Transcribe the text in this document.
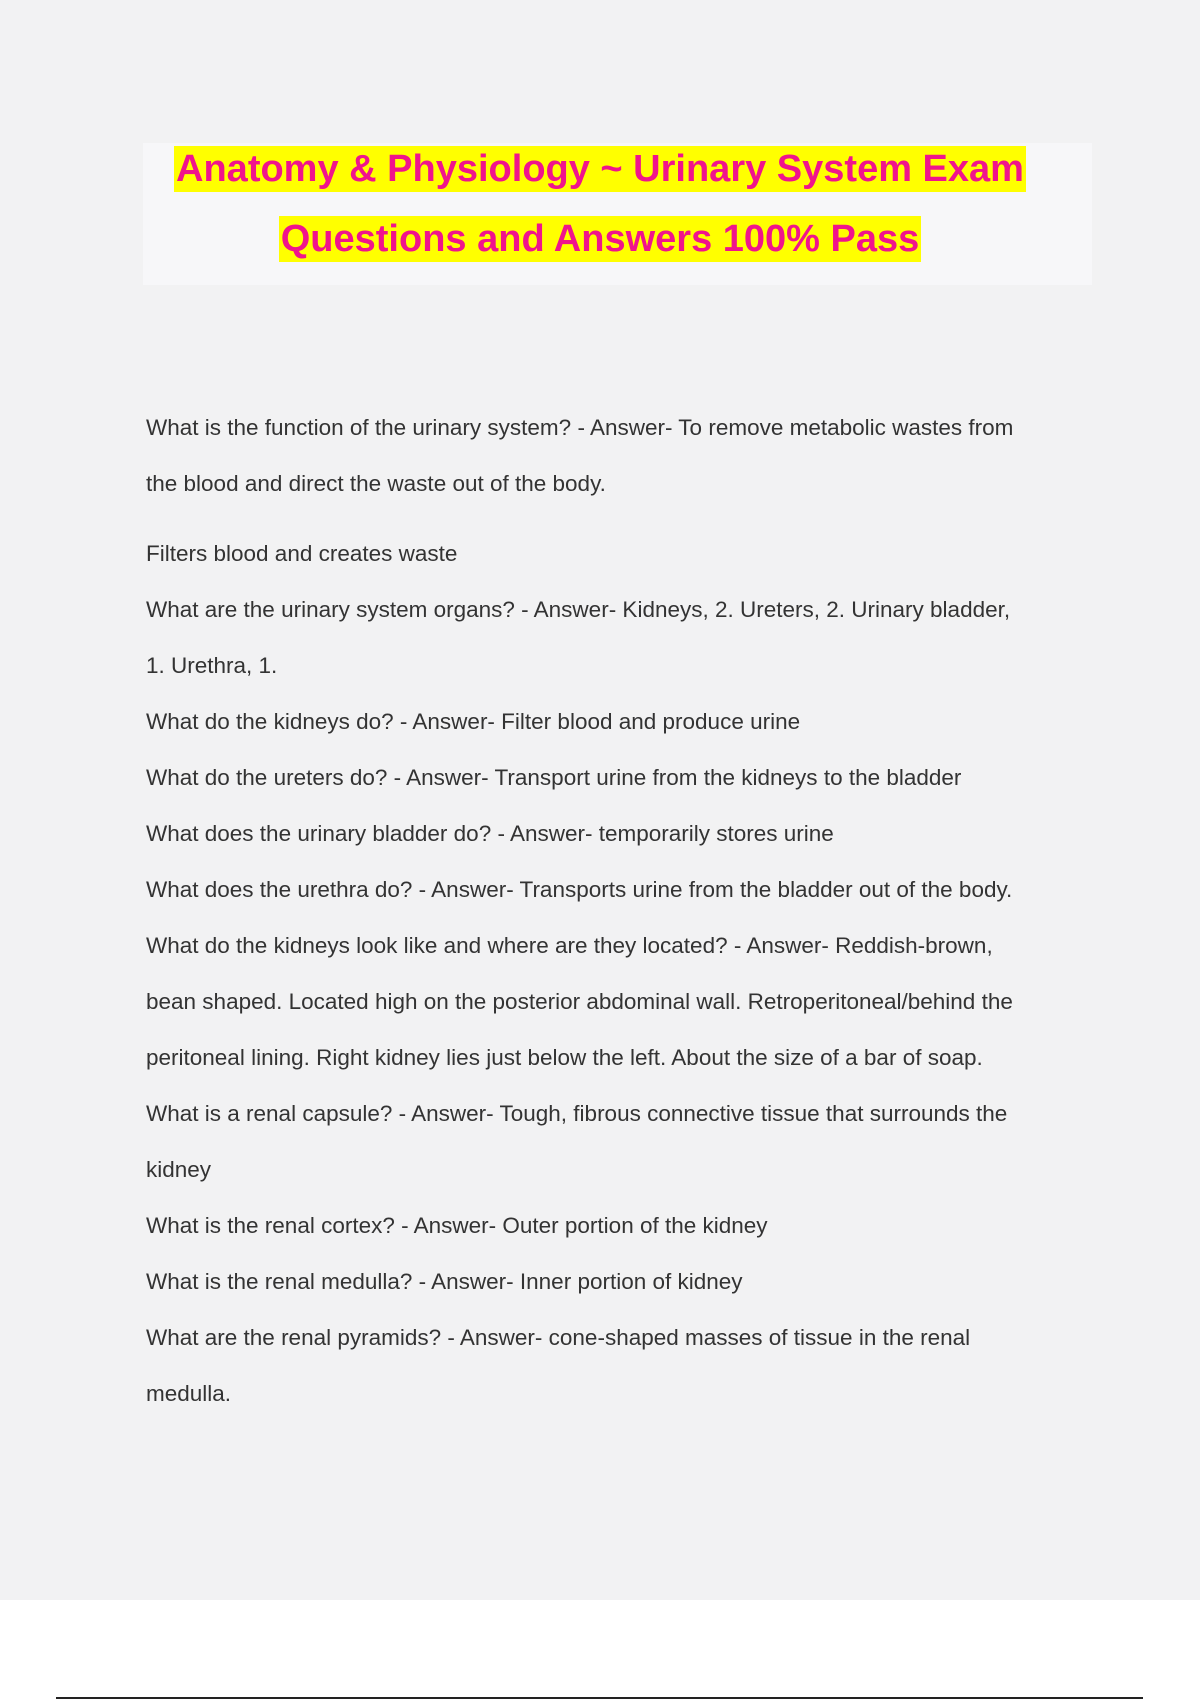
Anatomy & Physiology ~ Urinary System Exam
Questions and Answers 100% Pass
What is the function of the urinary system? - Answer- To remove metabolic wastes from
the blood and direct the waste out of the body.
Filters blood and creates waste
What are the urinary system organs? - Answer- Kidneys, 2. Ureters, 2. Urinary bladder,
1. Urethra, 1.
What do the kidneys do? - Answer- Filter blood and produce urine
What do the ureters do? - Answer- Transport urine from the kidneys to the bladder
What does the urinary bladder do? - Answer- temporarily stores urine
What does the urethra do? - Answer- Transports urine from the bladder out of the body.
What do the kidneys look like and where are they located? - Answer- Reddish-brown,
bean shaped. Located high on the posterior abdominal wall. Retroperitoneal/behind the
peritoneal lining. Right kidney lies just below the left. About the size of a bar of soap.
What is a renal capsule? - Answer- Tough, fibrous connective tissue that surrounds the
kidney
What is the renal cortex? - Answer- Outer portion of the kidney
What is the renal medulla? - Answer- Inner portion of kidney
What are the renal pyramids? - Answer- cone-shaped masses of tissue in the renal
medulla.
